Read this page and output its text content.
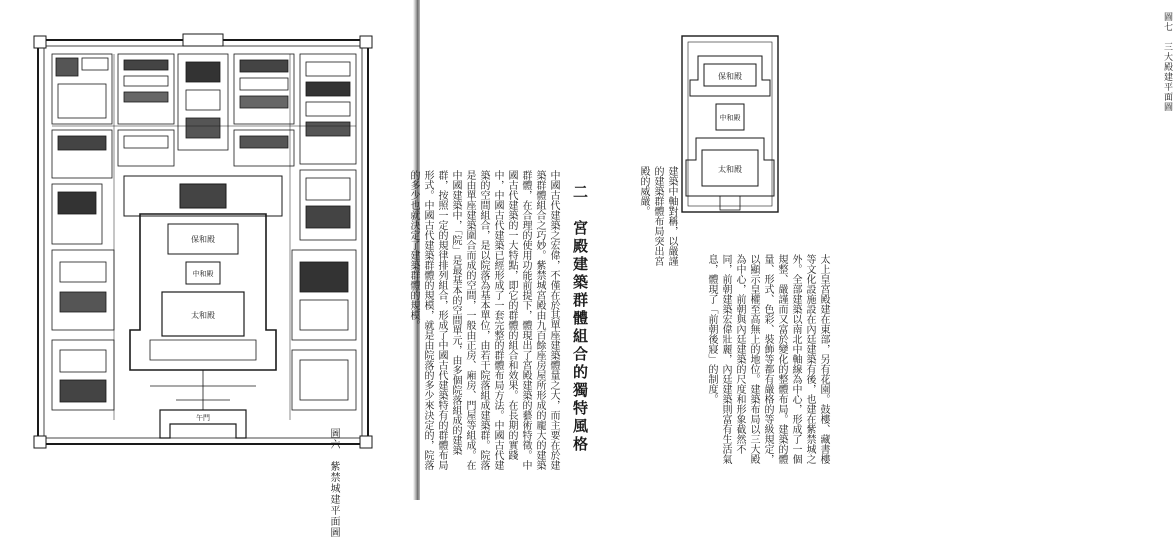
保和殿
中和殿
太和殿
午門
圖六　紫禁城建平面圖
保和殿
中和殿
太和殿
圖七　三大殿建平面圖
太上皇宮殿建在東部，另有花園。鼓樓、藏書樓等文化設施設在內廷建築有後，也建在紫禁城之外。全部建築以南北中軸線為中心，形成了一個規整、嚴謹而又富於變化的整體布局。建築的體量、形式、色彩、裝飾等都有嚴格的等級規定，以顯示皇權至高無上的地位。建築布局以三大殿為中心，前朝與內廷建築的尺度和形象截然不同，前朝建築宏偉壯麗，內廷建築則富有生活氣息，體現了「前朝後寢」的制度。
建築中軸對稱，以嚴謹的建築群體布局突出宮殿的威嚴。
二　宮殿建築群體組合的獨特風格
中國古代建築之宏偉，不僅在於其單座建築體量之大，而主要在於建築群體組合之巧妙。紫禁城宮殿由九百餘座房屋所形成的龐大的建築群體，在合理的使用功能前提下，體現出了宮殿建築的藝術特徵。中國古代建築的一大特點，即它的群體的組合和效果。在長期的實踐中，中國古代建築已經形成了一套完整的群體布局方法。中國古代建築的空間組合，是以院落為基本單位，由若干院落組成建築群。院落是由單座建築圍合而成的空間，一般由正房、廂房、門屋等組成。在中國建築中，「院」是最基本的空間單元，由多個院落組成的建築群，按照一定的規律排列組合，形成了中國古代建築特有的群體布局形式。中國古代建築群體的規模，就是由院落的多少來決定的，院落的多少也就決定了建築群體的規模。
